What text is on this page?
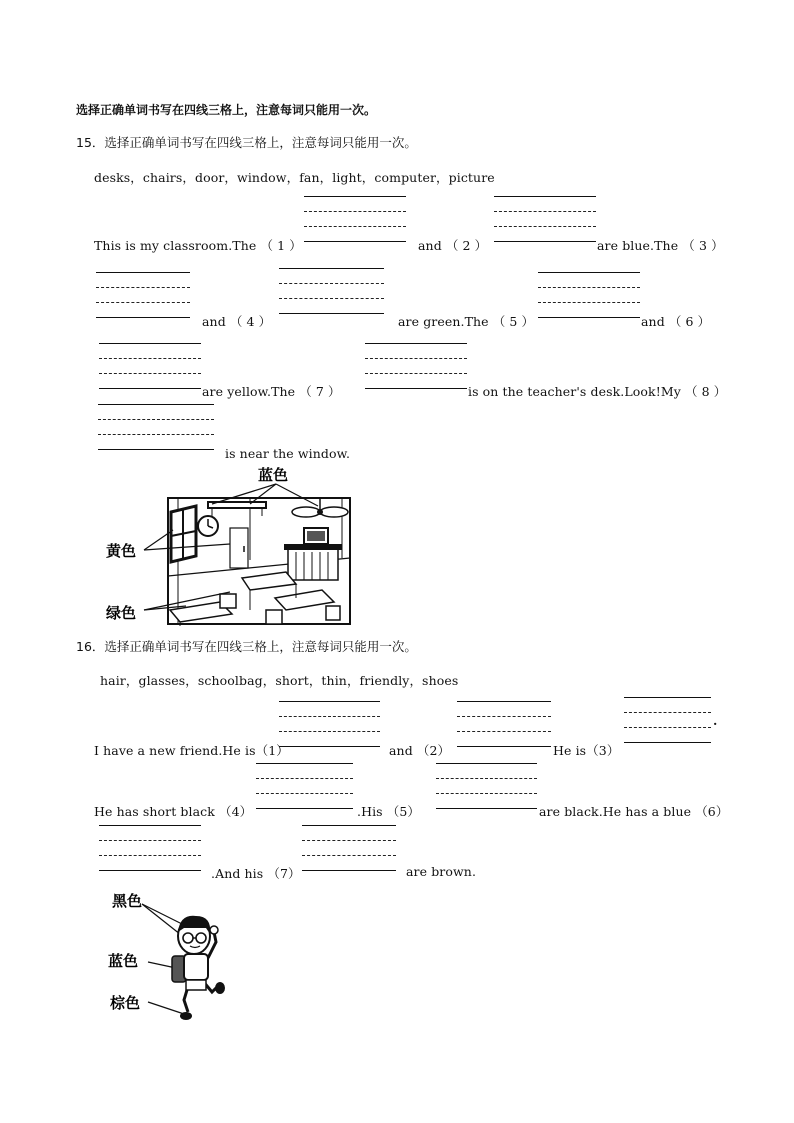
选择正确单词书写在四线三格上，注意每词只能用一次。
15．选择正确单词书写在四线三格上，注意每词只能用一次。
desks，chairs，door，window，fan，light，computer，picture
This is my classroom.The （ 1 ）	and （ 2 ）	are blue.The （ 3 ）
and （ 4 ）	are green.The （ 5 ）	and （ 6 ）
are yellow.The （ 7 ）	is on the teacher's desk.Look!My （ 8 ）
is near the window.
蓝色
黄色
绿色
16．选择正确单词书写在四线三格上，注意每词只能用一次。
hair，glasses，schoolbag，short，thin，friendly，shoes
I have a new friend.He is（1）	and （2）	He is（3）
.
He has short black （4）	.His （5）	are black.He has a blue （6）
.And his （7）	are brown.
黑色
蓝色
棕色
